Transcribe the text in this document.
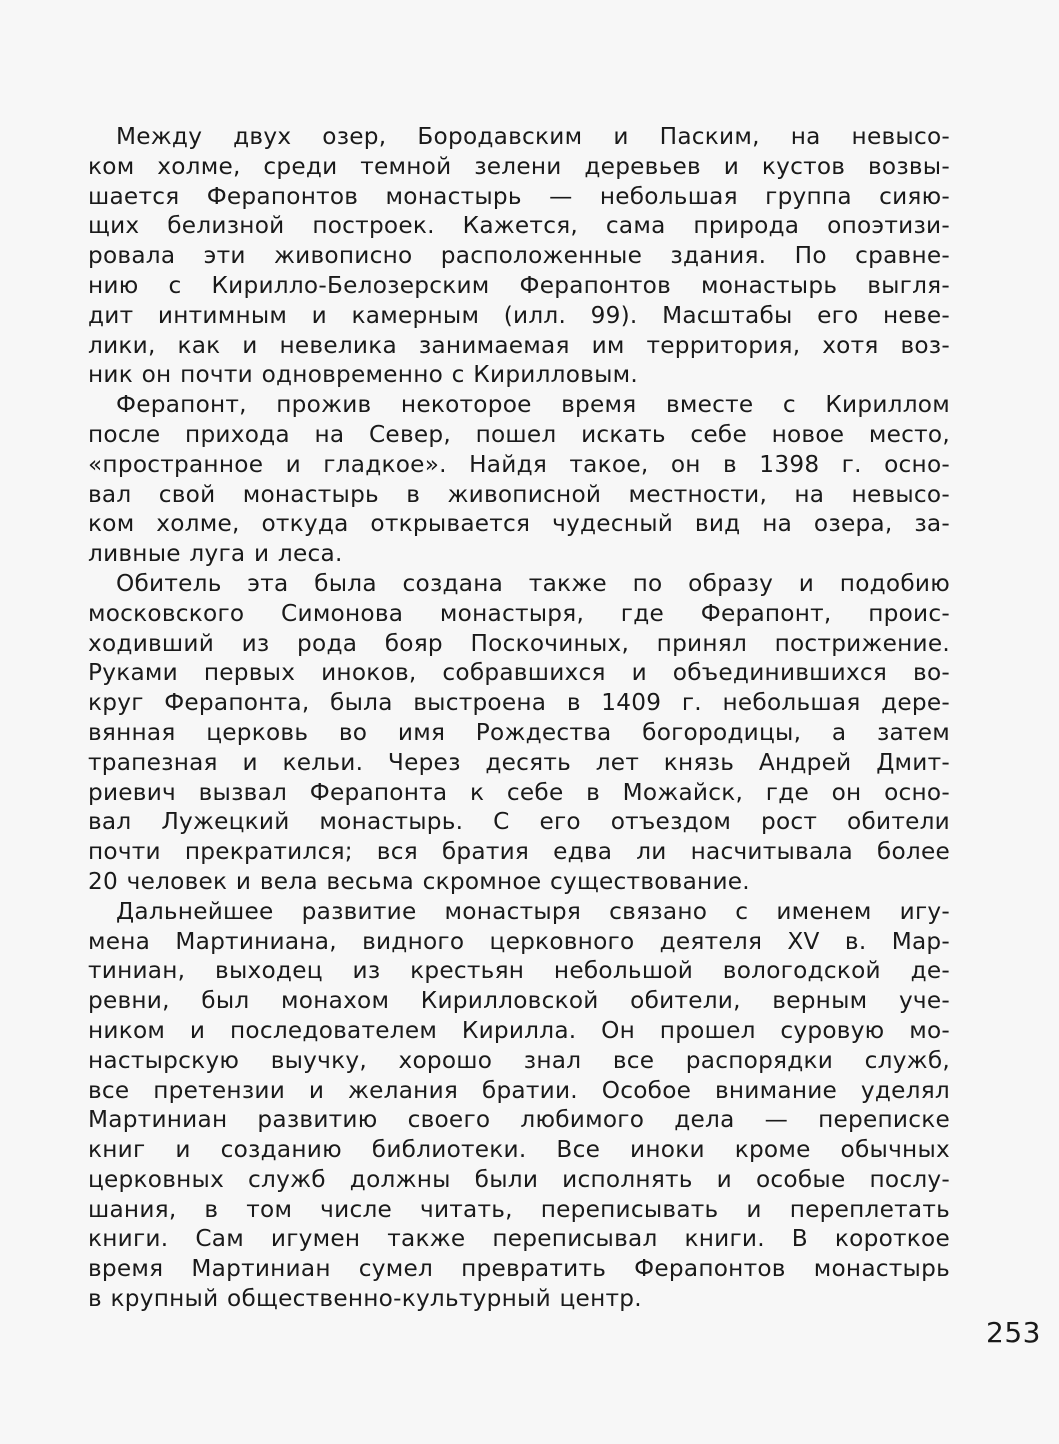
Между двух озер, Бородавским и Паским, на невысо-
ком холме, среди темной зелени деревьев и кустов возвы-
шается Ферапонтов монастырь — небольшая группа сияю-
щих белизной построек. Кажется, сама природа опоэтизи-
ровала эти живописно расположенные здания. По сравне-
нию с Кирилло-Белозерским Ферапонтов монастырь выгля-
дит интимным и камерным (илл. 99). Масштабы его неве-
лики, как и невелика занимаемая им территория, хотя воз-
ник он почти одновременно с Кирилловым.
Ферапонт, прожив некоторое время вместе с Кириллом
после прихода на Север, пошел искать себе новое место,
«пространное и гладкое». Найдя такое, он в 1398 г. осно-
вал свой монастырь в живописной местности, на невысо-
ком холме, откуда открывается чудесный вид на озера, за-
ливные луга и леса.
Обитель эта была создана также по образу и подобию
московского Симонова монастыря, где Ферапонт, проис-
ходивший из рода бояр Поскочиных, принял пострижение.
Руками первых иноков, собравшихся и объединившихся во-
круг Ферапонта, была выстроена в 1409 г. небольшая дере-
вянная церковь во имя Рождества богородицы, а затем
трапезная и кельи. Через десять лет князь Андрей Дмит-
риевич вызвал Ферапонта к себе в Можайск, где он осно-
вал Лужецкий монастырь. С его отъездом рост обители
почти прекратился; вся братия едва ли насчитывала более
20 человек и вела весьма скромное существование.
Дальнейшее развитие монастыря связано с именем игу-
мена Мартиниана, видного церковного деятеля XV в. Мар-
тиниан, выходец из крестьян небольшой вологодской де-
ревни, был монахом Кирилловской обители, верным уче-
ником и последователем Кирилла. Он прошел суровую мо-
настырскую выучку, хорошо знал все распорядки служб,
все претензии и желания братии. Особое внимание уделял
Мартиниан развитию своего любимого дела — переписке
книг и созданию библиотеки. Все иноки кроме обычных
церковных служб должны были исполнять и особые послу-
шания, в том числе читать, переписывать и переплетать
книги. Сам игумен также переписывал книги. В короткое
время Мартиниан сумел превратить Ферапонтов монастырь
в крупный общественно-культурный центр.
253
